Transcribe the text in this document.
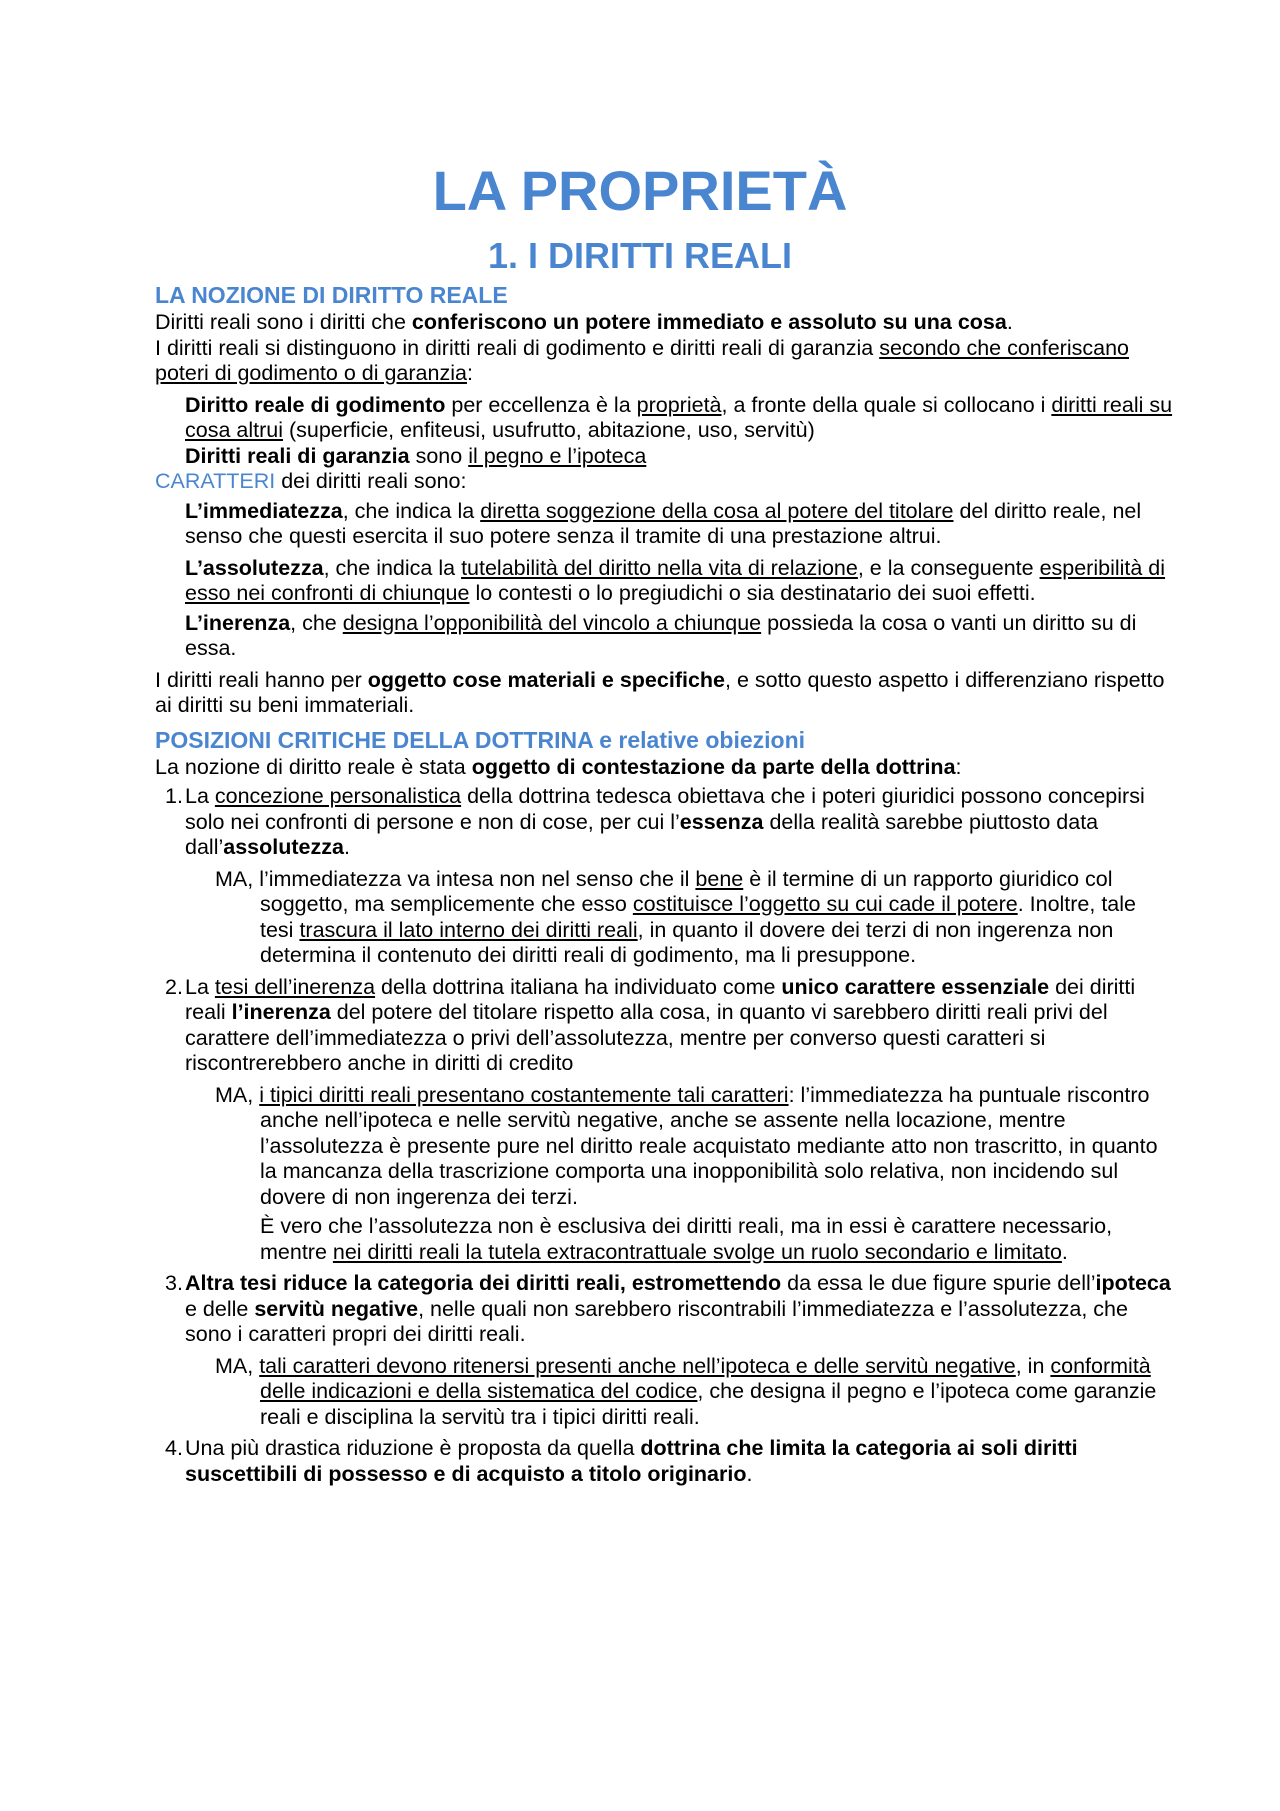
LA PROPRIETÀ
1. I DIRITTI REALI
LA NOZIONE DI DIRITTO REALE

Diritti reali sono i diritti che conferiscono un potere immediato e assoluto su una cosa.

I diritti reali si distinguono in diritti reali di godimento e diritti reali di garanzia secondo che conferiscano poteri di godimento o di garanzia:

Diritto reale di godimento per eccellenza è la proprietà, a fronte della quale si collocano i diritti reali su cosa altrui (superficie, enfiteusi, usufrutto, abitazione, uso, servitù)

Diritti reali di garanzia sono il pegno e l’ipoteca

CARATTERI dei diritti reali sono:

L’immediatezza, che indica la diretta soggezione della cosa al potere del titolare del diritto reale, nel senso che questi esercita il suo potere senza il tramite di una prestazione altrui.

L’assolutezza, che indica la tutelabilità del diritto nella vita di relazione, e la conseguente esperibilità di esso nei confronti di chiunque lo contesti o lo pregiudichi o sia destinatario dei suoi effetti.

L’inerenza, che designa l’opponibilità del vincolo a chiunque possieda la cosa o vanti un diritto su di essa.

I diritti reali hanno per oggetto cose materiali e specifiche, e sotto questo aspetto i differenziano rispetto ai diritti su beni immateriali.

POSIZIONI CRITICHE DELLA DOTTRINA e relative obiezioni

La nozione di diritto reale è stata oggetto di contestazione da parte della dottrina:

1. La concezione personalistica della dottrina tedesca obiettava che i poteri giuridici possono concepirsi solo nei confronti di persone e non di cose, per cui l’essenza della realità sarebbe piuttosto data dall’assolutezza.

MA, l’immediatezza va intesa non nel senso che il bene è il termine di un rapporto giuridico col soggetto, ma semplicemente che esso costituisce l’oggetto su cui cade il potere. Inoltre, tale tesi trascura il lato interno dei diritti reali, in quanto il dovere dei terzi di non ingerenza non determina il contenuto dei diritti reali di godimento, ma li presuppone.

2. La tesi dell’inerenza della dottrina italiana ha individuato come unico carattere essenziale dei diritti reali l’inerenza del potere del titolare rispetto alla cosa, in quanto vi sarebbero diritti reali privi del carattere dell’immediatezza o privi dell’assolutezza, mentre per converso questi caratteri si riscontrerebbero anche in diritti di credito

MA, i tipici diritti reali presentano costantemente tali caratteri: l’immediatezza ha puntuale riscontro anche nell’ipoteca e nelle servitù negative, anche se assente nella locazione, mentre l’assolutezza è presente pure nel diritto reale acquistato mediante atto non trascritto, in quanto la mancanza della trascrizione comporta una inopponibilità solo relativa, non incidendo sul dovere di non ingerenza dei terzi.

È vero che l’assolutezza non è esclusiva dei diritti reali, ma in essi è carattere necessario, mentre nei diritti reali la tutela extracontrattuale svolge un ruolo secondario e limitato.

3. Altra tesi riduce la categoria dei diritti reali, estromettendo da essa le due figure spurie dell’ipoteca e delle servitù negative, nelle quali non sarebbero riscontrabili l’immediatezza e l’assolutezza, che sono i caratteri propri dei diritti reali.

MA, tali caratteri devono ritenersi presenti anche nell’ipoteca e delle servitù negative, in conformità delle indicazioni e della sistematica del codice, che designa il pegno e l’ipoteca come garanzie reali e disciplina la servitù tra i tipici diritti reali.

4. Una più drastica riduzione è proposta da quella dottrina che limita la categoria ai soli diritti suscettibili di possesso e di acquisto a titolo originario.
